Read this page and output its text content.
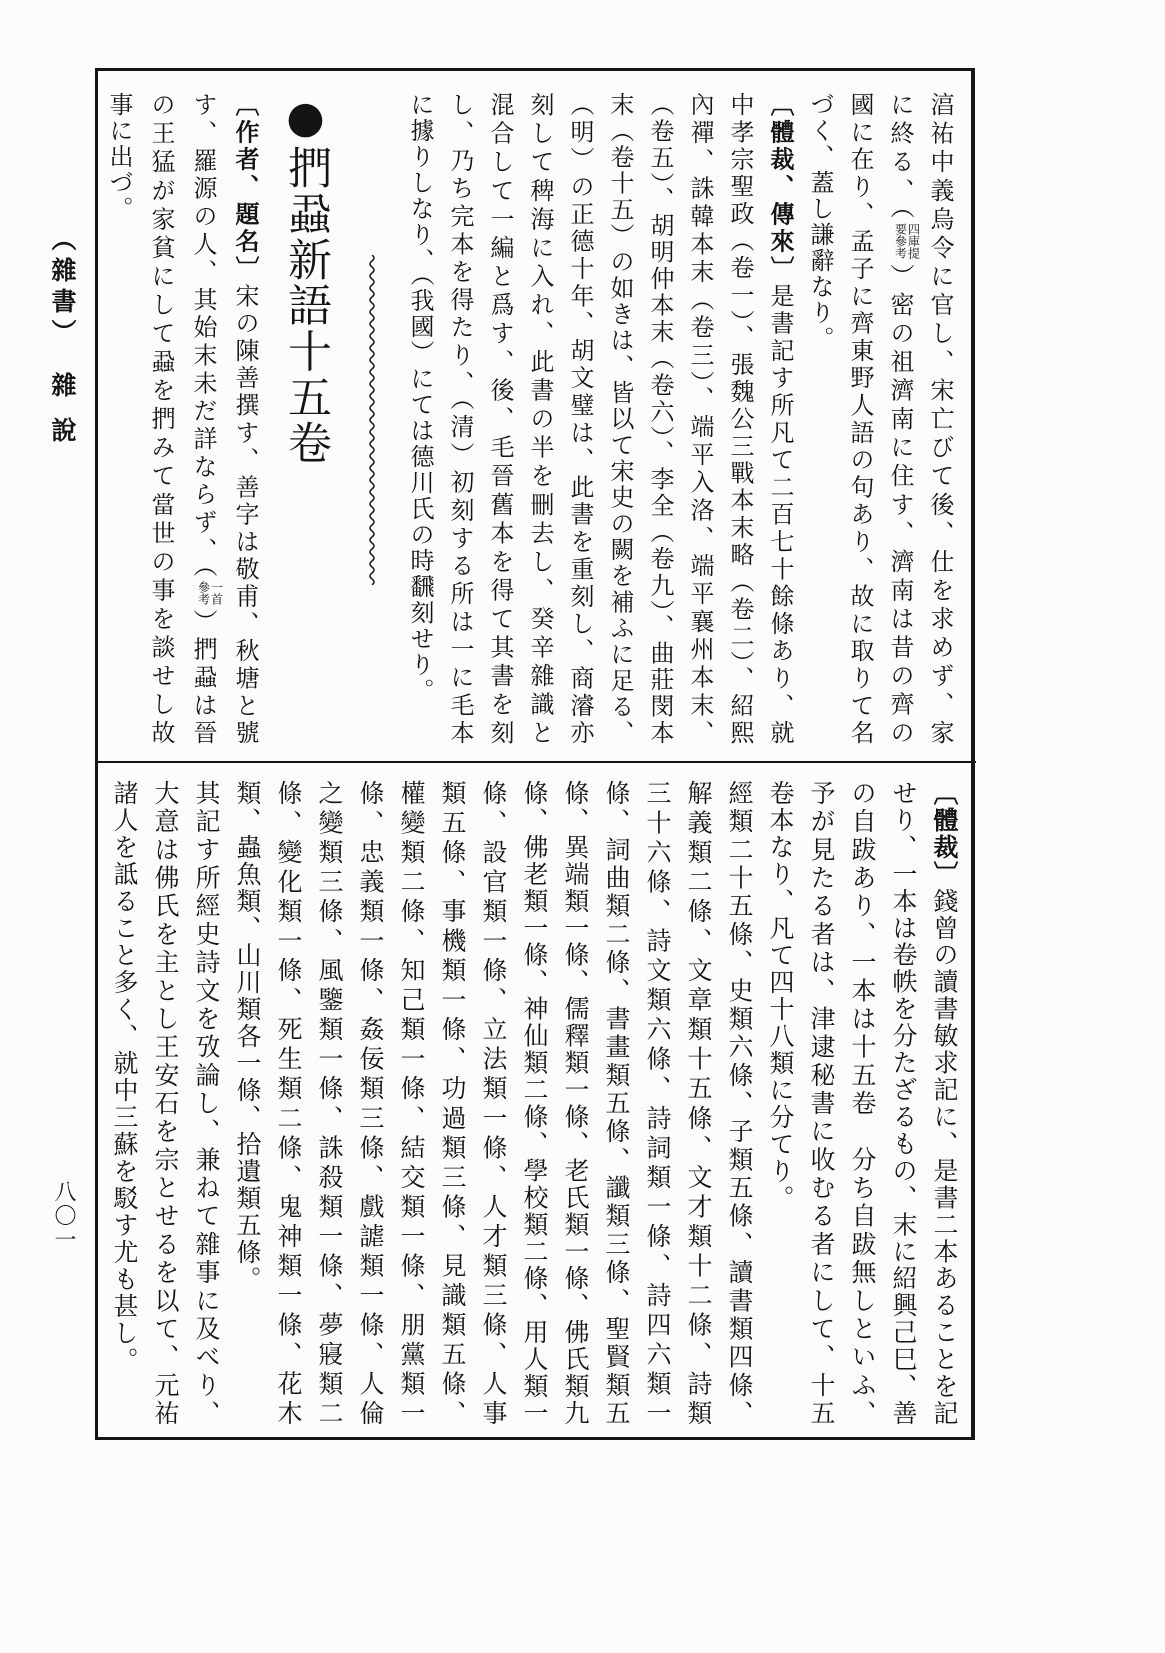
（雜書）雜說
八〇一
湻祐中義烏令に官し、宋亡びて後、仕を求めず、家
に終る、（
四庫提
要參考
）密の祖濟南に住す、濟南は昔の齊の
國に在り、孟子に齊東野人語の句あり、故に取りて名
づく、蓋し謙辭なり。
〔體裁、傳來〕是書記す所凡て二百七十餘條あり、就
中孝宗聖政（卷一）、張魏公三戰本末略（卷二）、紹熙
內禪、誅韓本末（卷三）、端平入洛、端平襄州本末、
（卷五）、胡明仲本末（卷六）、李全（卷九）、曲莊閔本
末（卷十五）の如きは、皆以て宋史の闕を補ふに足る、
（明）の正德十年、胡文璧は、此書を重刻し、商濬亦
刻して稗海に入れ、此書の半を刪去し、癸辛雜識と
混合して一編と爲す、後、毛晉舊本を得て其書を刻
し、乃ち完本を得たり、（清）初刻する所は一に毛本
に據りしなり、（我國）にては德川氏の時飜刻せり。
●捫蝨新語十五卷
〔作者、題名〕宋の陳善撰す、善字は敬甫、秋塘と號
す、羅源の人、其始末未だ詳ならず、（
一首
參考
）捫蝨は晉
の王猛が家貧にして蝨を捫みて當世の事を談せし故
事に出づ。
〔體裁〕錢曾の讀書敏求記に、是書二本あることを記
せり、一本は卷帙を分たざるもの、末に紹興己巳、善
の自跋あり、一本は十五卷　分ち自跋無しといふ、
予が見たる者は、津逮秘書に收むる者にして、十五
卷本なり、凡て四十八類に分てり。
經類二十五條、史類六條、子類五條、讀書類四條、
解義類二條、文章類十五條、文才類十二條、詩類
三十六條、詩文類六條、詩詞類一條、詩四六類一
條、詞曲類二條、書畫類五條、讖類三條、聖賢類五
條、異端類一條、儒釋類一條、老氏類一條、佛氏類九
條、佛老類一條、神仙類二條、學校類二條、用人類一
條、設官類一條、立法類一條、人才類三條、人事
類五條、事機類一條、功過類三條、見識類五條、
權變類二條、知己類一條、結交類一條、朋黨類一
條、忠義類一條、姦佞類三條、戲謔類一條、人倫
之變類三條、風鑒類一條、誅殺類一條、夢寢類二
條、變化類一條、死生類二條、鬼神類一條、花木
類、蟲魚類、山川類各一條、拾遺類五條。
其記す所經史詩文を攷論し、兼ねて雜事に及べり、
大意は佛氏を主とし王安石を宗とせるを以て、元祐
諸人を詆ること多く、就中三蘇を駁す尤も甚し。
